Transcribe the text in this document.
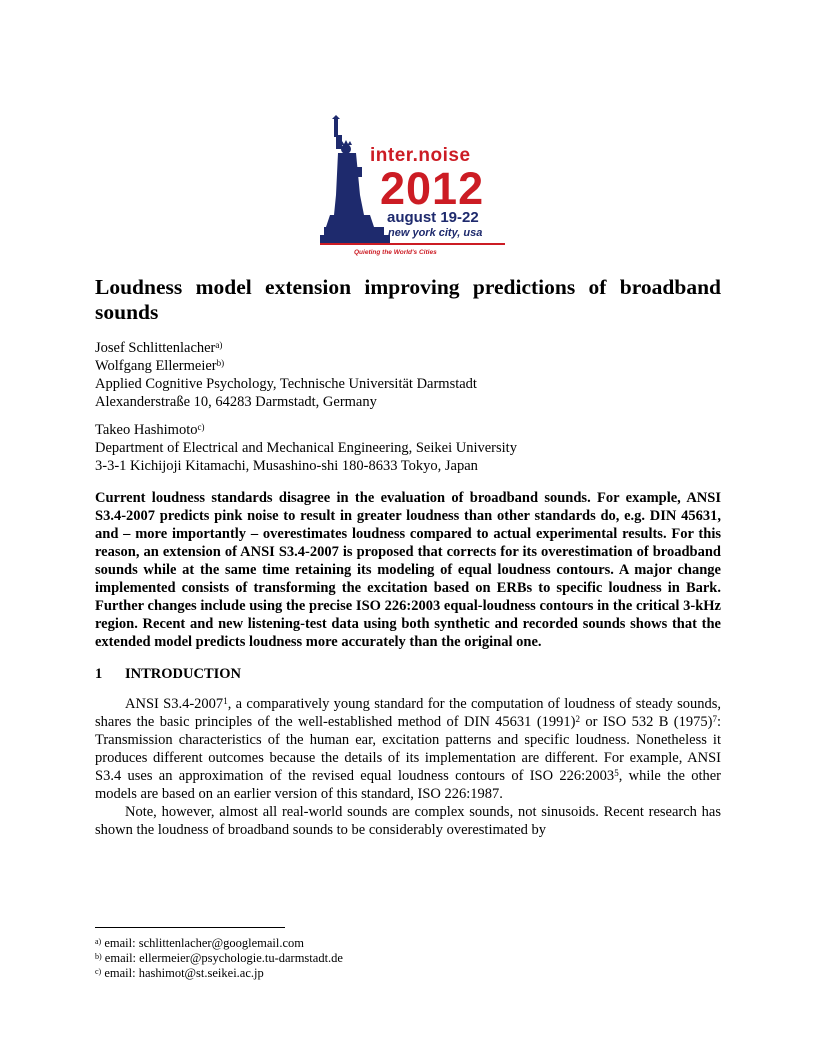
inter.noise
2012
august 19-22
new york city, usa
Quieting the World's Cities

Loudness model extension improving predictions of broadband

sounds

Josef Schlittenlacher$^{a)}$

Wolfgang Ellermeier$^{b)}$

Applied Cognitive Psychology, Technische Universität Darmstadt

Alexanderstraße 10, 64283 Darmstadt, Germany

Takeo Hashimoto$^{c)}$

Department of Electrical and Mechanical Engineering, Seikei University

3-3-1 Kichijoji Kitamachi, Musashino-shi 180-8633 Tokyo, Japan

Current loudness standards disagree in the evaluation of broadband sounds. For example, ANSI S3.4-2007 predicts pink noise to result in greater loudness than other standards do, e.g. DIN 45631, and – more importantly – overestimates loudness compared to actual experimental results. For this reason, an extension of ANSI S3.4-2007 is proposed that corrects for its overestimation of broadband sounds while at the same time retaining its modeling of equal loudness contours. A major change implemented consists of transforming the excitation based on ERBs to specific loudness in Bark. Further changes include using the precise ISO 226:2003 equal-loudness contours in the critical 3-kHz region. Recent and new listening-test data using both synthetic and recorded sounds shows that the extended model predicts loudness more accurately than the original one.
1 INTRODUCTION
ANSI S3.4-2007$^1$, a comparatively young standard for the computation of loudness of steady sounds, shares the basic principles of the well-established method of DIN 45631 $(1991)^2$ or ISO 532 B $(1975)^7$: Transmission characteristics of the human ear, excitation patterns and specific loudness. Nonetheless it produces different outcomes because the details of its implementation are different. For example, ANSI S3.4 uses an approximation of the revised equal loudness contours of ISO 226:2003$^5$, while the other models are based on an earlier version of this standard, ISO 226:1987.
Note, however, almost all real-world sounds are complex sounds, not sinusoids. Recent research has shown the loudness of broadband sounds to be considerably overestimated by

$^{a)}$ email: schlittenlacher@googlemail.com

$^{b)}$ email: ellermeier@psychologie.tu-darmstadt.de

$^{c)}$ email: hashimot@st.seikei.ac.jp
